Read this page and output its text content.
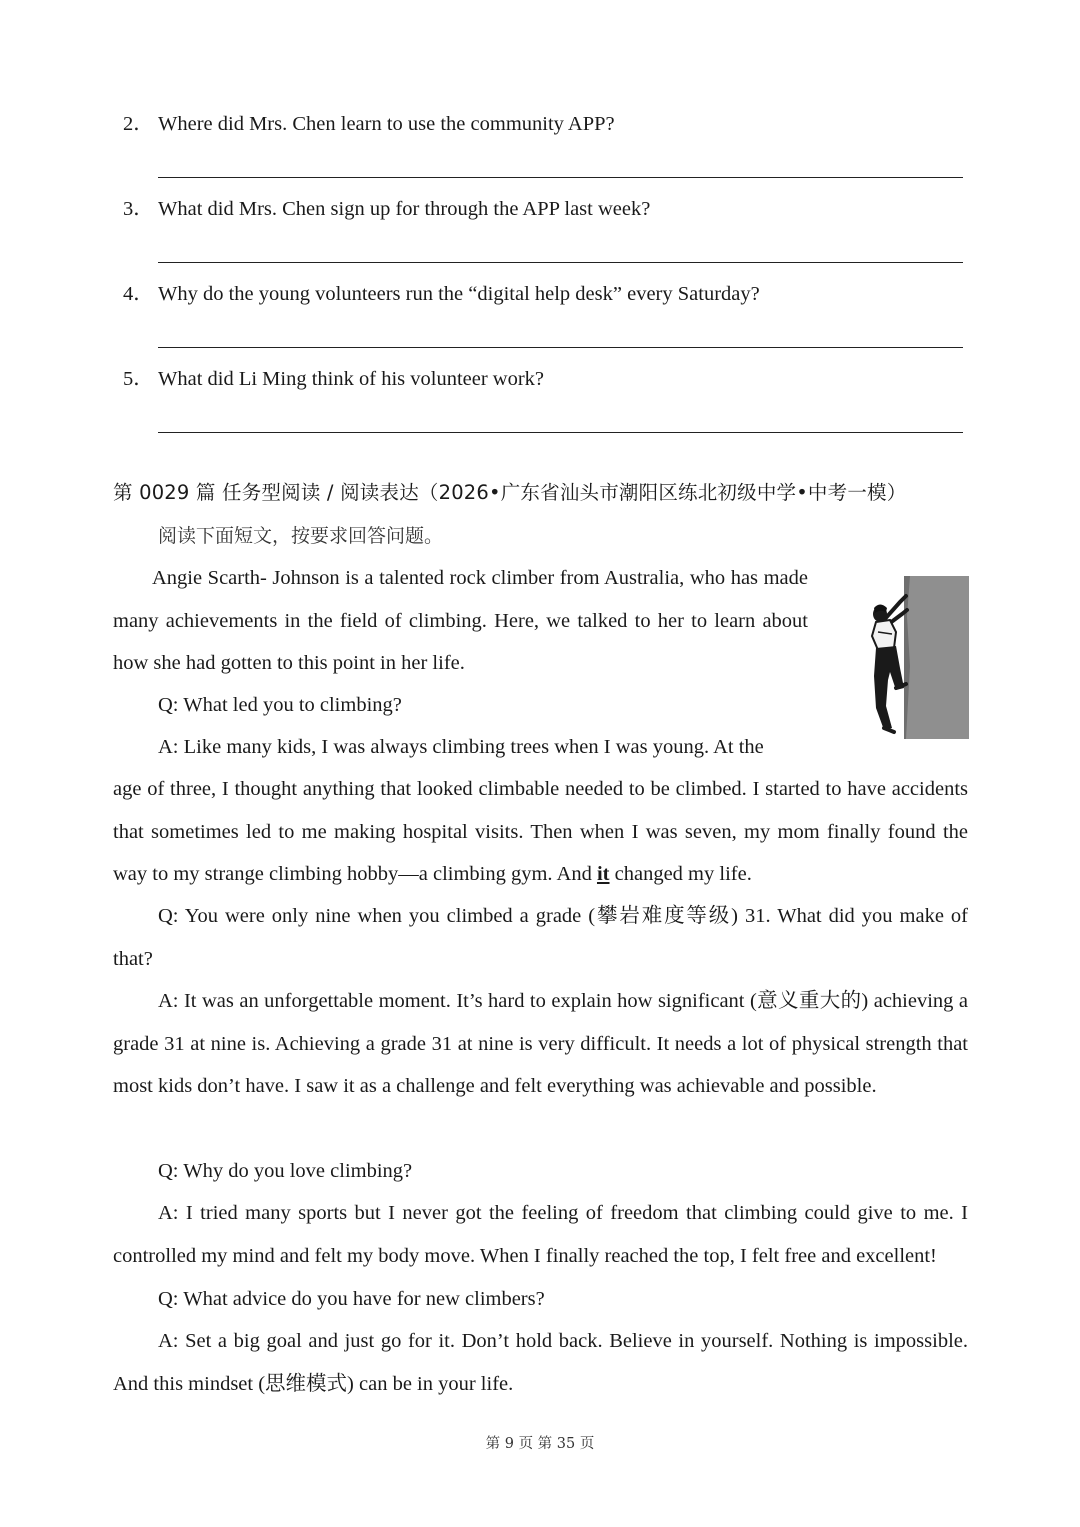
2． Where did Mrs. Chen learn to use the community APP?
3． What did Mrs. Chen sign up for through the APP last week?
4． Why do the young volunteers run the “digital help desk” every Saturday?
5． What did Li Ming think of his volunteer work?
第 0029 篇 任务型阅读 / 阅读表达（2026•广东省汕头市潮阳区练北初级中学•中考一模）
阅读下面短文，按要求回答问题。

Angie Scarth- Johnson is a talented rock climber from Australia, who has made many achievements in the field of climbing. Here, we talked to her to learn about how she had gotten to this point in her life.

Q: What led you to climbing?
A: Like many kids, I was always climbing trees when I was young. At the

age of three, I thought anything that looked climbable needed to be climbed. I started to have accidents that sometimes led to me making hospital visits. Then when I was seven, my mom finally found the way to my strange climbing hobby—a climbing gym. And it changed my life.

Q: You were only nine when you climbed a grade (攀岩难度等级) 31. What did you make of that?

A: It was an unforgettable moment. It’s hard to explain how significant (意义重大的) achieving a grade 31 at nine is. Achieving a grade 31 at nine is very difficult. It needs a lot of physical strength that most kids don’t have. I saw it as a challenge and felt everything was achievable and possible.

Q: Why do you love climbing?

A: I tried many sports but I never got the feeling of freedom that climbing could give to me. I controlled my mind and felt my body move. When I finally reached the top, I felt free and excellent!

Q: What advice do you have for new climbers?

A: Set a big goal and just go for it. Don’t hold back. Believe in yourself. Nothing is impossible. And this mindset (思维模式) can be in your life.

第 9 页 第 35 页
